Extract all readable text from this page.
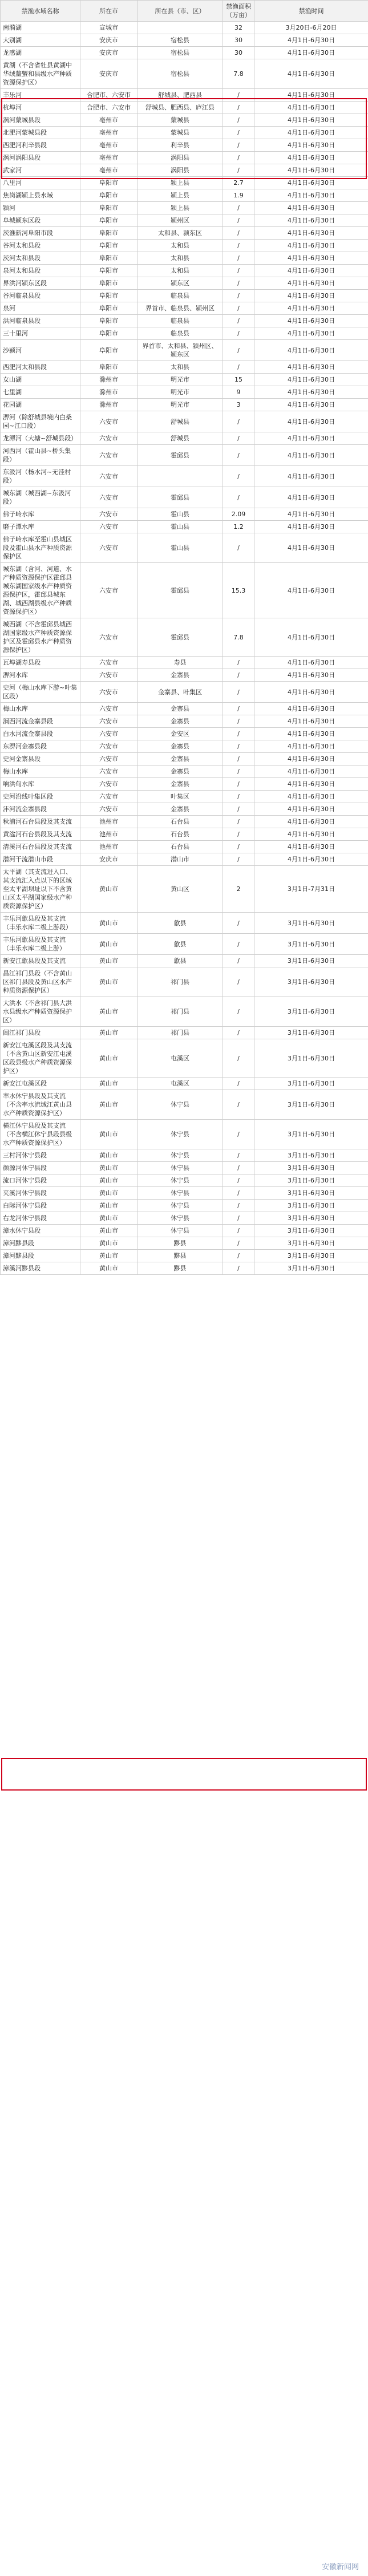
禁渔水域名称	所在市	所在县（市、区）	禁渔面积（万亩）	禁渔时间
南漪湖	宣城市		32	3月20日-6月20日
大别湖	安庆市	宿松县	30	4月1日-6月30日
龙感湖	安庆市	宿松县	30	4月1日-6月30日
黄湖（不含省牡县黄湖中华绒鳌蟹和县级水产种质资源保护区）	安庆市	宿松县	7.8	4月1日-6月30日
丰乐河	合肥市、六安市	舒城县、肥西县	/	4月1日-6月30日
杭埠河	合肥市、六安市	舒城县、肥西县、庐江县	/	4月1日-6月30日
涡河蒙城县段	亳州市	蒙城县	/	4月1日-6月30日
北淝河蒙城县段	亳州市	蒙城县	/	4月1日-6月30日
西淝河利辛县段	亳州市	利辛县	/	4月1日-6月30日
涡河涡阳县段	亳州市	涡阳县	/	4月1日-6月30日
武家河	亳州市	涡阳县	/	4月1日-6月30日
八里河	阜阳市	颍上县	2.7	4月1日-6月30日
焦岗湖颍上县水域	阜阳市	颍上县	1.9	4月1日-6月30日
颍河	阜阳市	颍上县	/	4月1日-6月30日
阜城颍东区段	阜阳市	颍州区	/	4月1日-6月30日
茨淮新河阜阳市段	阜阳市	太和县、颍东区	/	4月1日-6月30日
谷河太和县段	阜阳市	太和县	/	4月1日-6月30日
茨河太和县段	阜阳市	太和县	/	4月1日-6月30日
泉河太和县段	阜阳市	太和县	/	4月1日-6月30日
界洪河颍东区段	阜阳市	颍东区	/	4月1日-6月30日
谷河临泉县段	阜阳市	临泉县	/	4月1日-6月30日
泉河	阜阳市	界首市、临泉县、颍州区	/	4月1日-6月30日
洪河临泉县段	阜阳市	临泉县	/	4月1日-6月30日
三十里河	阜阳市	临泉县	/	4月1日-6月30日
沙颍河	阜阳市	界首市、太和县、颍州区、颍东区	/	4月1日-6月30日
西淝河太和县段	阜阳市	太和县	/	4月1日-6月30日
女山湖	滁州市	明光市	15	4月1日-6月30日
七里湖	滁州市	明光市	9	4月1日-6月30日
花园湖	滁州市	明光市	3	4月1日-6月30日
淠河（除舒城县境内白桑园~江口段）	六安市	舒城县	/	4月1日-6月30日
龙潭河（大塘~舒城县段）	六安市	舒城县	/	4月1日-6月30日
河西河（霍山县~桥头集段）	六安市	霍邱县	/	4月1日-6月30日
东汲河（杨水河~无洼村段）	六安市		/	4月1日-6月30日
城东湖（城西湖~东汲河段）	六安市	霍邱县	/	4月1日-6月30日
佛子岭水库	六安市	霍山县	2.09	4月1日-6月30日
磨子潭水库	六安市	霍山县	1.2	4月1日-6月30日
佛子岭水库至霍山县城区段及霍山县水产种质资源保护区	六安市	霍山县	/	4月1日-6月30日
城东湖（含河、河道、水产种质资源保护区霍邱县城东湖国家级水产种质资源保护区，霍邱县城东湖、城西湖县级水产种质资源保护区）	六安市	霍邱县	15.3	4月1日-6月30日
城西湖（不含霍邱县城西湖国家级水产种质资源保护区及霍邱县水产种质资源保护区）	六安市	霍邱县	7.8	4月1日-6月30日
瓦埠湖寿县段	六安市	寿县	/	4月1日-6月30日
淠河水库	六安市	金寨县	/	4月1日-6月30日
史河（梅山水库下游~叶集区段）	六安市	金寨县、叶集区	/	4月1日-6月30日
梅山水库	六安市	金寨县	/	4月1日-6月30日
涧西河流金寨县段	六安市	金寨县	/	4月1日-6月30日
白水河流金寨县段	六安市	金安区	/	4月1日-6月30日
东淠河金寨县段	六安市	金寨县	/	4月1日-6月30日
史河金寨县段	六安市	金寨县	/	4月1日-6月30日
梅山水库	六安市	金寨县	/	4月1日-6月30日
响洪甸水库	六安市	金寨县	/	4月1日-6月30日
史河沿线叶集区段	六安市	叶集区	/	4月1日-6月30日
沣河流金寨县段	六安市	金寨县	/	4月1日-6月30日
秋浦河石台县段及其支流	池州市	石台县	/	4月1日-6月30日
黄湓河石台县段及其支流	池州市	石台县	/	4月1日-6月30日
清溪河石台县段及其支流	池州市	石台县	/	4月1日-6月30日
潜河干流潜山市段	安庆市	潜山市	/	4月1日-6月30日
太平湖（其支流进入口、其支流汇入点以下的区域至太平湖坝址以下不含黄山区太平湖国家级水产种质资源保护区）	黄山市	黄山区	2	3月1日-7月31日
丰乐河歙县段及其支流（丰乐水库二级上游段）	黄山市	歙县	/	3月1日-6月30日
丰乐河歙县段及其支流（丰乐水库二级上游）	黄山市	歙县	/	3月1日-6月30日
新安江歙县段及其支流	黄山市	歙县	/	3月1日-6月30日
昌江祁门县段（不含黄山区祁门县段及黄山区水产种质资源保护区）	黄山市	祁门县	/	3月1日-6月30日
大洪水（不含祁门县大洪水县级水产种质资源保护区）	黄山市	祁门县	/	3月1日-6月30日
阊江祁门县段	黄山市	祁门县	/	3月1日-6月30日
新安江屯溪区段及其支流（不含黄山区新安江屯溪区段县级水产种质资源保护区）	黄山市	屯溪区	/	3月1日-6月30日
新安江屯溪区段	黄山市	屯溪区	/	3月1日-6月30日
率水休宁县段及其支流（不含率水流域江黄山县水产种质资源保护区）	黄山市	休宁县	/	3月1日-6月30日
横江休宁县段及其支流（不含横江休宁县段县级水产种质资源保护区）	黄山市	休宁县	/	3月1日-6月30日
三村河休宁县段	黄山市	休宁县	/	3月1日-6月30日
颜源河休宁县段	黄山市	休宁县	/	3月1日-6月30日
流口河休宁县段	黄山市	休宁县	/	3月1日-6月30日
夹溪河休宁县段	黄山市	休宁县	/	3月1日-6月30日
白际河休宁县段	黄山市	休宁县	/	3月1日-6月30日
右龙河休宁县段	黄山市	休宁县	/	3月1日-6月30日
漳水休宁县段	黄山市	休宁县	/	3月1日-6月30日
漳河黟县段	黄山市	黟县	/	3月1日-6月30日
漳河黟县段	黄山市	黟县	/	3月1日-6月30日
漳溪河黟县段	黄山市	黟县	/	3月1日-6月30日
安徽新闻网
